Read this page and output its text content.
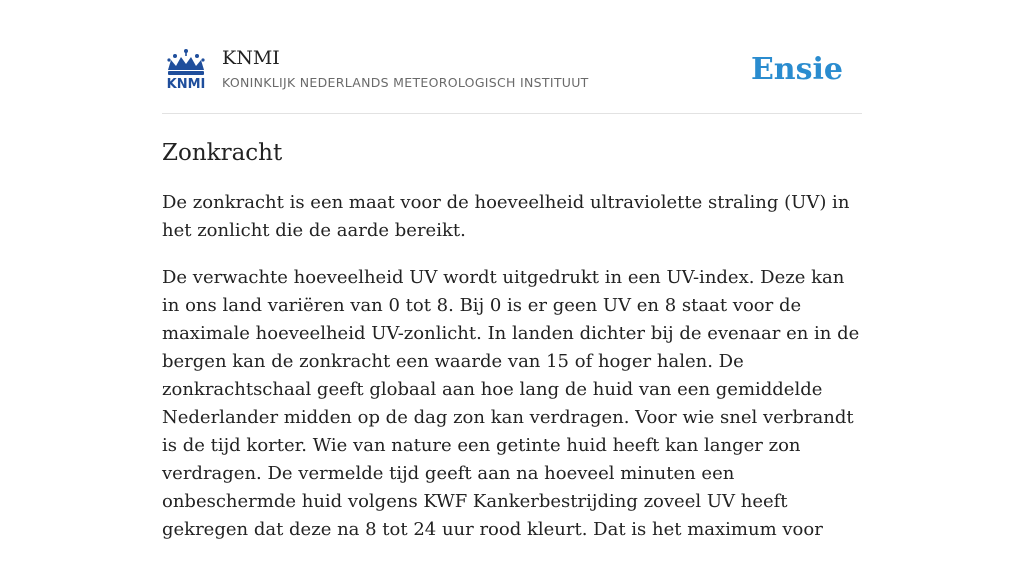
KNMI
KNMI
KONINKLIJK NEDERLANDS METEOROLOGISCH INSTITUUT	Ensie
Zonkracht

De zonkracht is een maat voor de hoeveelheid ultraviolette straling (UV) in het zonlicht die de aarde bereikt.

De verwachte hoeveelheid UV wordt uitgedrukt in een UV-index. Deze kan in ons land variëren van 0 tot 8. Bij 0 is er geen UV en 8 staat voor de maximale hoeveelheid UV-zonlicht. In landen dichter bij de evenaar en in de bergen kan de zonkracht een waarde van 15 of hoger halen. De zonkrachtschaal geeft globaal aan hoe lang de huid van een gemiddelde Nederlander midden op de dag zon kan verdragen. Voor wie snel verbrandt is de tijd korter. Wie van nature een getinte huid heeft kan langer zon verdragen. De vermelde tijd geeft aan na hoeveel minuten een onbeschermde huid volgens KWF Kankerbestrijding zoveel UV heeft gekregen dat deze na 8 tot 24 uur rood kleurt. Dat is het maximum voor
